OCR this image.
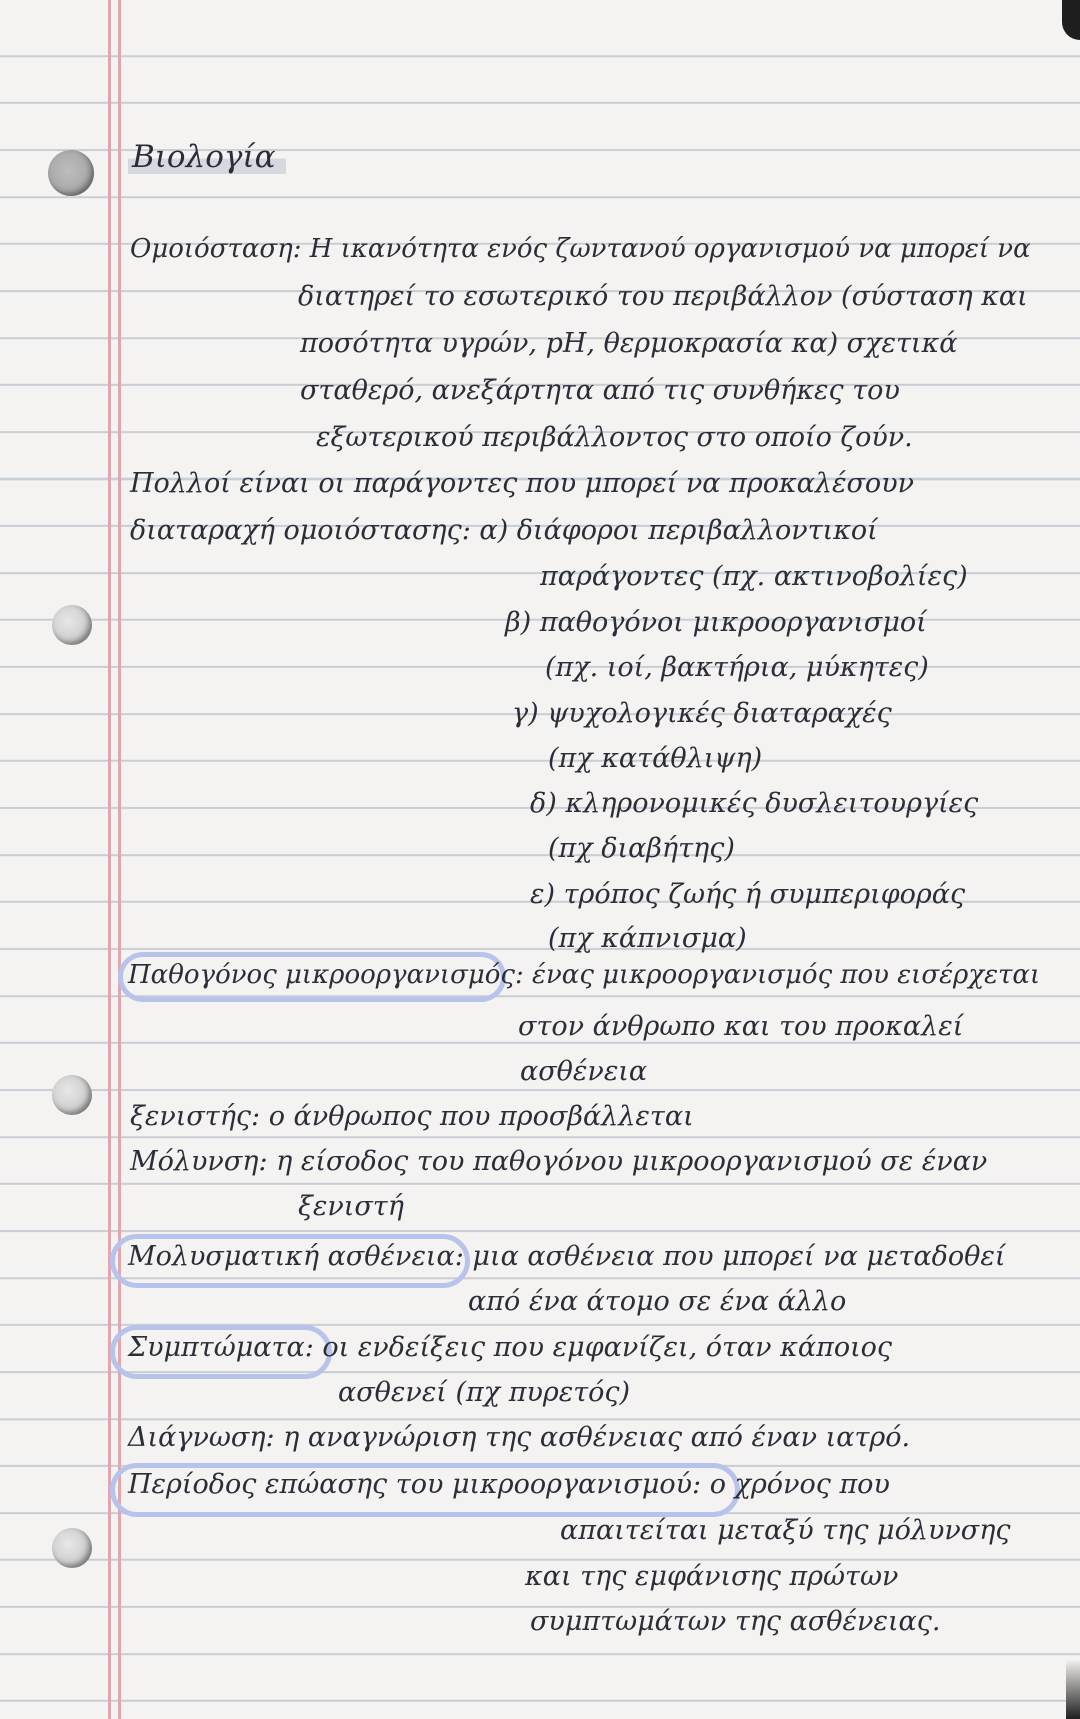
Βιολογία
Ομοιόσταση: Η ικανότητα ενός ζωντανού οργανισμού να μπορεί να
διατηρεί το εσωτερικό του περιβάλλον (σύσταση και
ποσότητα υγρών, pH, θερμοκρασία κα) σχετικά
σταθερό, ανεξάρτητα από τις συνθήκες του
εξωτερικού περιβάλλοντος στο οποίο ζούν.
Πολλοί είναι οι παράγοντες που μπορεί να προκαλέσουν
διαταραχή ομοιόστασης: α) διάφοροι περιβαλλοντικοί
παράγοντες (πχ. ακτινοβολίες)
β) παθογόνοι μικροοργανισμοί
(πχ. ιοί, βακτήρια, μύκητες)
γ) ψυχολογικές διαταραχές
(πχ κατάθλιψη)
δ) κληρονομικές δυσλειτουργίες
(πχ διαβήτης)
ε) τρόπος ζωής ή συμπεριφοράς
(πχ κάπνισμα)
Παθογόνος μικροοργανισμός: ένας μικροοργανισμός που εισέρχεται
στον άνθρωπο και του προκαλεί
ασθένεια
ξενιστής: ο άνθρωπος που προσβάλλεται
Μόλυνση: η είσοδος του παθογόνου μικροοργανισμού σε έναν
ξενιστή
Μολυσματική ασθένεια: μια ασθένεια που μπορεί να μεταδοθεί
από ένα άτομο σε ένα άλλο
Συμπτώματα: οι ενδείξεις που εμφανίζει, όταν κάποιος
ασθενεί (πχ πυρετός)
Διάγνωση: η αναγνώριση της ασθένειας από έναν ιατρό.
Περίοδος επώασης του μικροοργανισμού: ο χρόνος που
απαιτείται μεταξύ της μόλυνσης
και της εμφάνισης πρώτων
συμπτωμάτων της ασθένειας.
